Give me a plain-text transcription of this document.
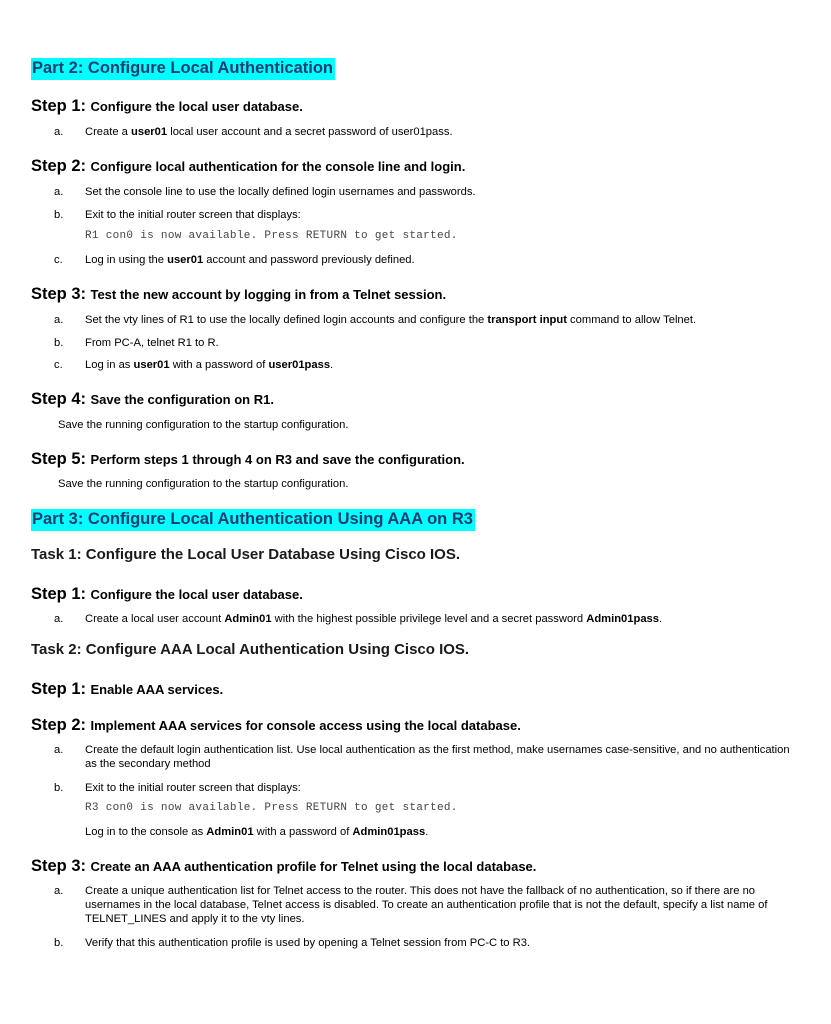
Part 2: Configure Local Authentication
Step 1: Configure the local user database.
a.	Create a user01 local user account and a secret password of user01pass.
Step 2: Configure local authentication for the console line and login.
a.	Set the console line to use the locally defined login usernames and passwords.
b.	Exit to the initial router screen that displays:
R1 con0 is now available. Press RETURN to get started.
c.	Log in using the user01 account and password previously defined.
Step 3: Test the new account by logging in from a Telnet session.
a.	Set the vty lines of R1 to use the locally defined login accounts and configure the transport input command to allow Telnet.
b.	From PC-A, telnet R1 to R.
c.	Log in as user01 with a password of user01pass.
Step 4: Save the configuration on R1.
Save the running configuration to the startup configuration.
Step 5: Perform steps 1 through 4 on R3 and save the configuration.
Save the running configuration to the startup configuration.
Part 3: Configure Local Authentication Using AAA on R3
Task 1: Configure the Local User Database Using Cisco IOS.
Step 1: Configure the local user database.
a.	Create a local user account Admin01 with the highest possible privilege level and a secret password Admin01pass.
Task 2: Configure AAA Local Authentication Using Cisco IOS.
Step 1: Enable AAA services.
Step 2: Implement AAA services for console access using the local database.
a.	Create the default login authentication list. Use local authentication as the first method, make usernames case-sensitive, and no authentication as the secondary method
b.	Exit to the initial router screen that displays:
R3 con0 is now available. Press RETURN to get started.
Log in to the console as Admin01 with a password of Admin01pass.
Step 3: Create an AAA authentication profile for Telnet using the local database.
a.	Create a unique authentication list for Telnet access to the router. This does not have the fallback of no authentication, so if there are no usernames in the local database, Telnet access is disabled. To create an authentication profile that is not the default, specify a list name of TELNET_LINES and apply it to the vty lines.
b.	Verify that this authentication profile is used by opening a Telnet session from PC-C to R3.
